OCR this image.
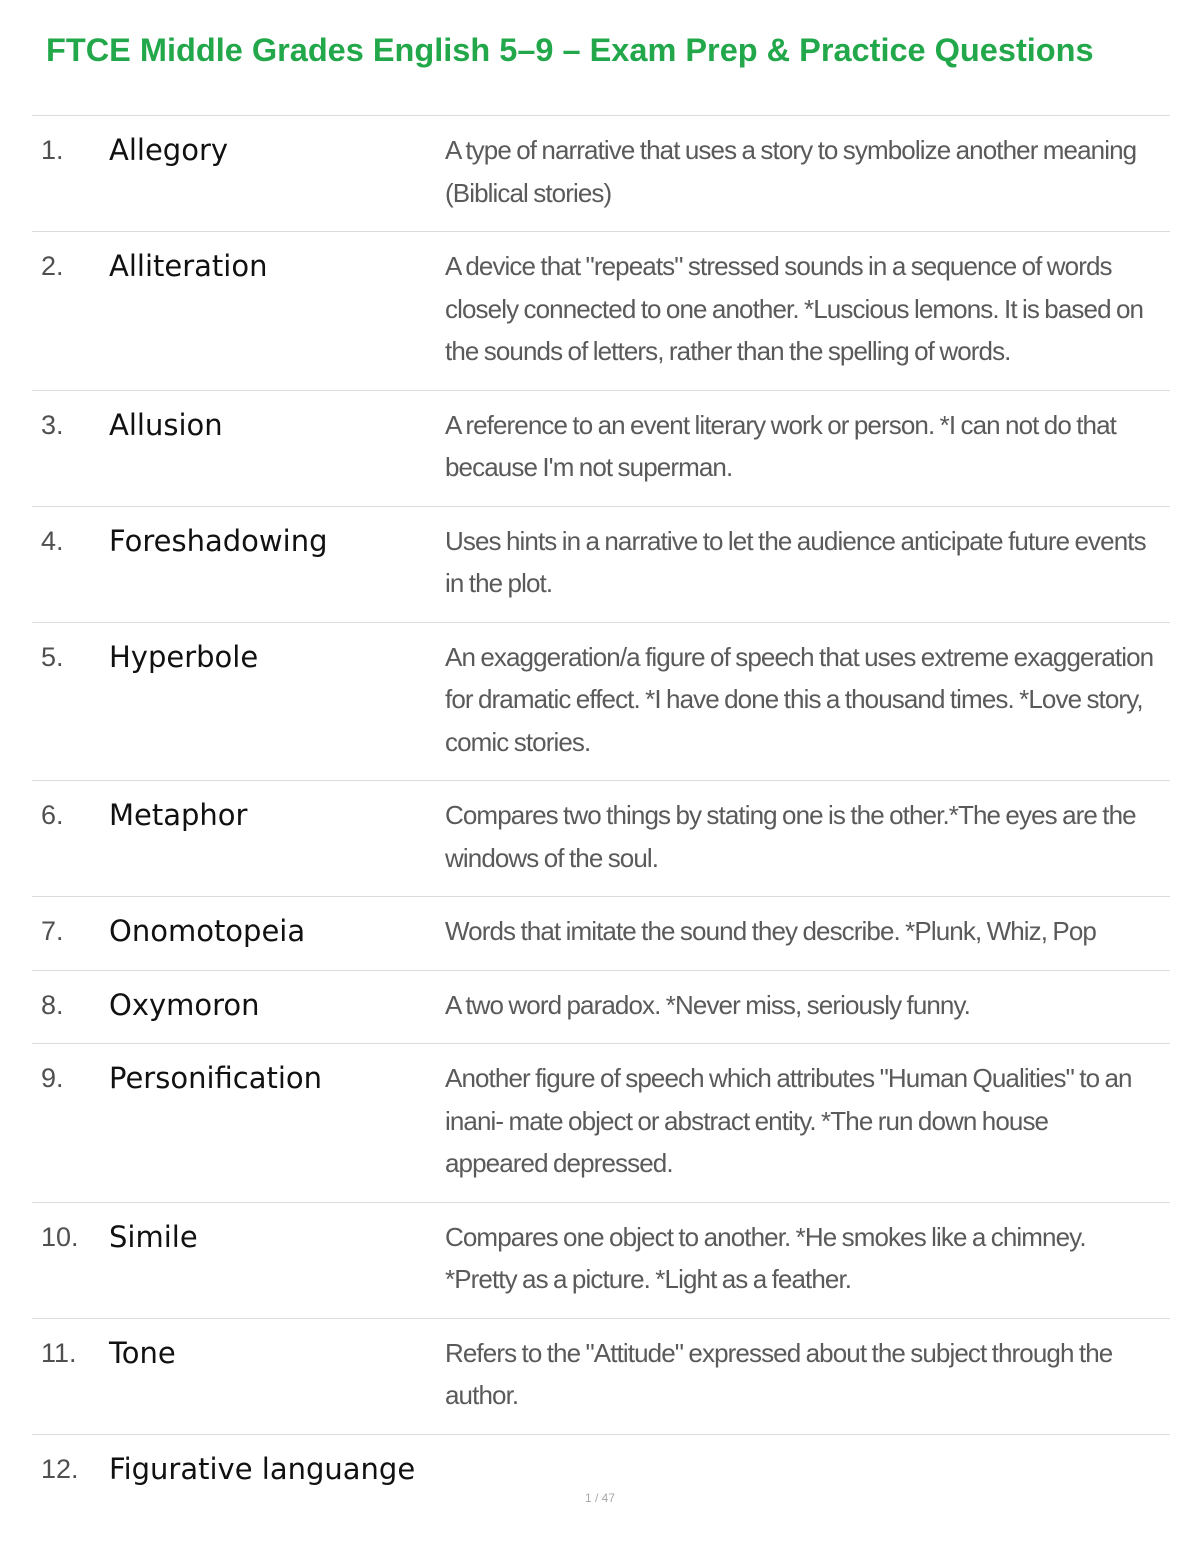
FTCE Middle Grades English 5–9 – Exam Prep & Practice Questions
1.	Allegory	A type of narrative that uses a story to symbolize another meaning (Biblical stories)
2.	Alliteration	A device that "repeats" stressed sounds in a sequence of words closely connected to one another. *Luscious lemons. It is based on the sounds of letters, rather than the spelling of words.
3.	Allusion	A reference to an event literary work or person. *I can not do that because I'm not superman.
4.	Foreshadowing	Uses hints in a narrative to let the audience anticipate future events in the plot.
5.	Hyperbole	An exaggeration/a figure of speech that uses extreme exaggeration for dramatic effect. *I have done this a thousand times. *Love story, comic stories.
6.	Metaphor	Compares two things by stating one is the other.*The eyes are the windows of the soul.
7.	Onomotopeia	Words that imitate the sound they describe. *Plunk, Whiz, Pop
8.	Oxymoron	A two word paradox. *Never miss, seriously funny.
9.	Personification	Another figure of speech which attributes "Human Qualities" to an inani- mate object or abstract entity. *The run down house appeared depressed.
10.	Simile	Compares one object to another. *He smokes like a chimney. *Pretty as a picture. *Light as a feather.
11.	Tone	Refers to the "Attitude" expressed about the subject through the author.
12.	Figurative languange
1 / 47
